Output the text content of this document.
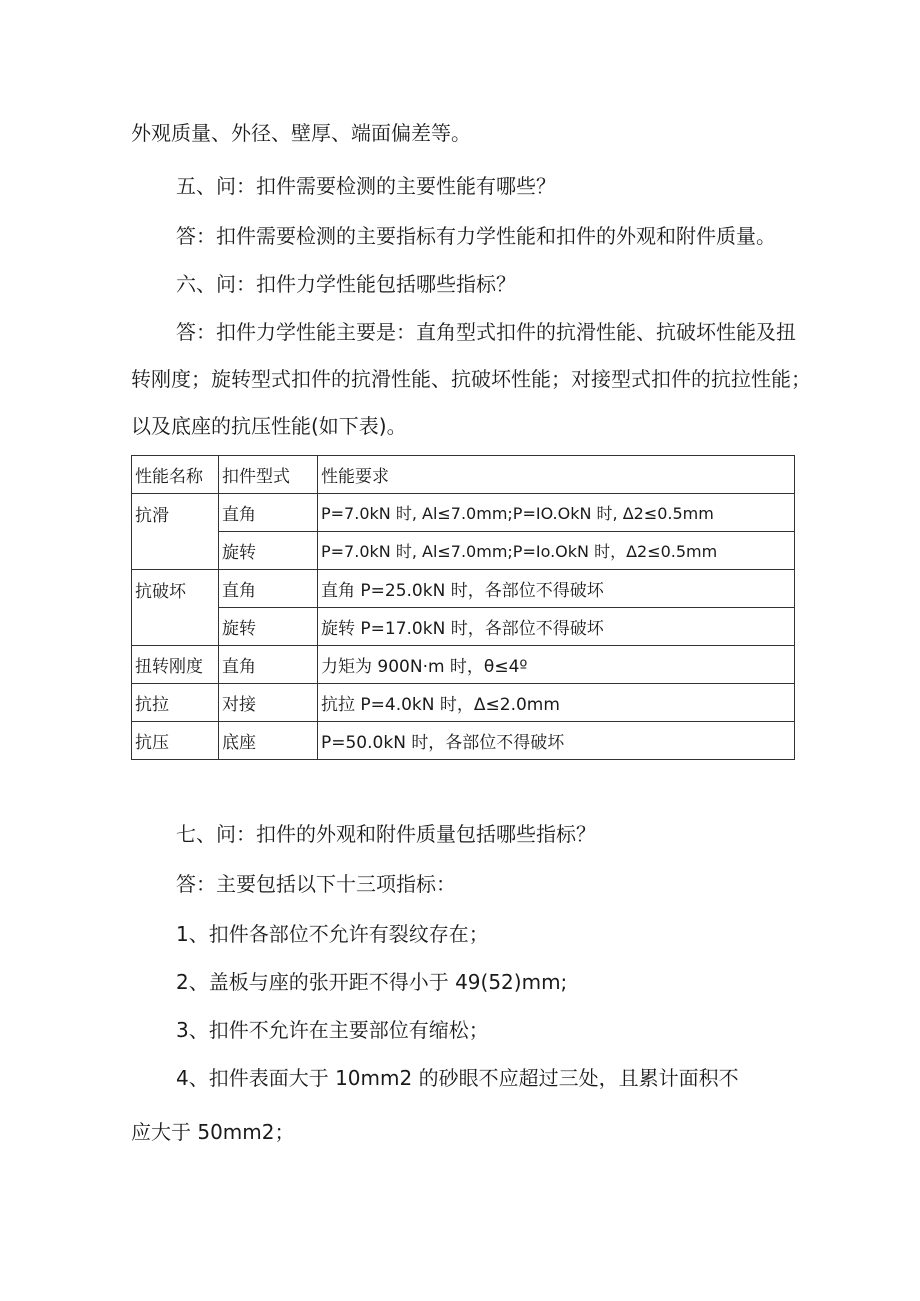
外观质量、外径、壁厚、端面偏差等。

五、问：扣件需要检测的主要性能有哪些？

答：扣件需要检测的主要指标有力学性能和扣件的外观和附件质量。

六、问：扣件力学性能包括哪些指标？

答：扣件力学性能主要是：直角型式扣件的抗滑性能、抗破坏性能及扭

转刚度；旋转型式扣件的抗滑性能、抗破坏性能；对接型式扣件的抗拉性能；

以及底座的抗压性能(如下表)。

性能名称	扣件型式	性能要求
抗滑	直角	P=7.0kN 时, Al≤7.0mm;P=IO.OkN 时, Δ2≤0.5mm
	旋转	P=7.0kN 时, Al≤7.0mm;P=Io.OkN 时，Δ2≤0.5mm
抗破坏	直角	直角 P=25.0kN 时，各部位不得破坏
	旋转	旋转 P=17.0kN 时，各部位不得破坏
扭转刚度	直角	力矩为 900N·m 时，θ≤4º
抗拉	对接	抗拉 P=4.0kN 时，Δ≤2.0mm
抗压	底座	P=50.0kN 时，各部位不得破坏

七、问：扣件的外观和附件质量包括哪些指标？

答：主要包括以下十三项指标：

1、扣件各部位不允许有裂纹存在；

2、盖板与座的张开距不得小于 49(52)mm;

3、扣件不允许在主要部位有缩松；

4、扣件表面大于 10mm2 的砂眼不应超过三处，且累计面积不

应大于 50mm2；
